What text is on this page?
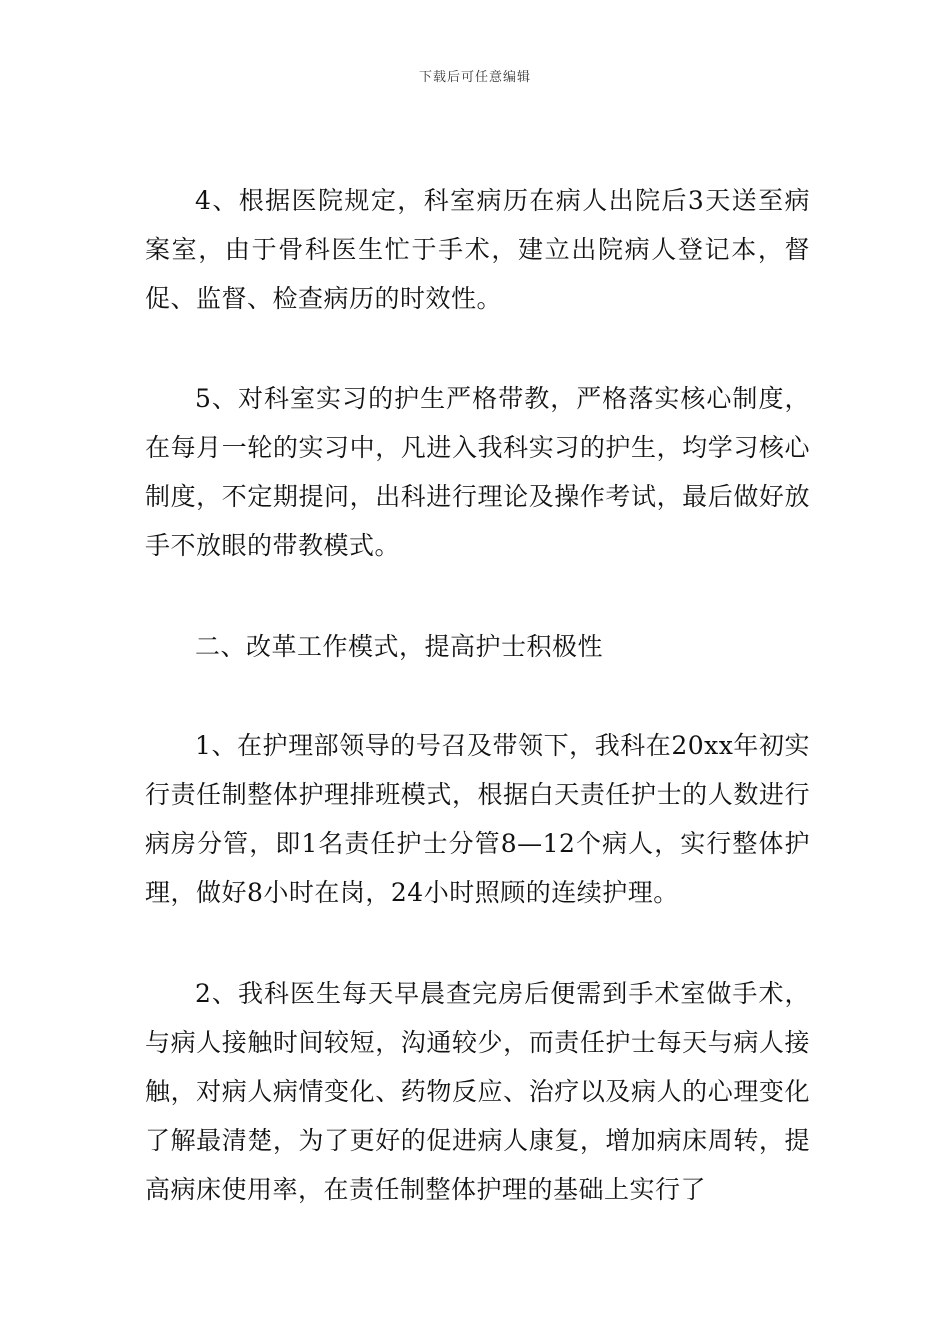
下载后可任意编辑

4、根据医院规定，科室病历在病人出院后3天送至病案室，由于骨科医生忙于手术，建立出院病人登记本，督促、监督、检查病历的时效性。

5、对科室实习的护生严格带教，严格落实核心制度，在每月一轮的实习中，凡进入我科实习的护生，均学习核心制度，不定期提问，出科进行理论及操作考试，最后做好放手不放眼的带教模式。

二、改革工作模式，提高护士积极性

1、在护理部领导的号召及带领下，我科在20xx年初实行责任制整体护理排班模式，根据白天责任护士的人数进行病房分管，即1名责任护士分管8—12个病人，实行整体护理，做好8小时在岗，24小时照顾的连续护理。

2、我科医生每天早晨查完房后便需到手术室做手术，与病人接触时间较短，沟通较少，而责任护士每天与病人接触，对病人病情变化、药物反应、治疗以及病人的心理变化了解最清楚，为了更好的促进病人康复，增加病床周转，提高病床使用率，在责任制整体护理的基础上实行了
